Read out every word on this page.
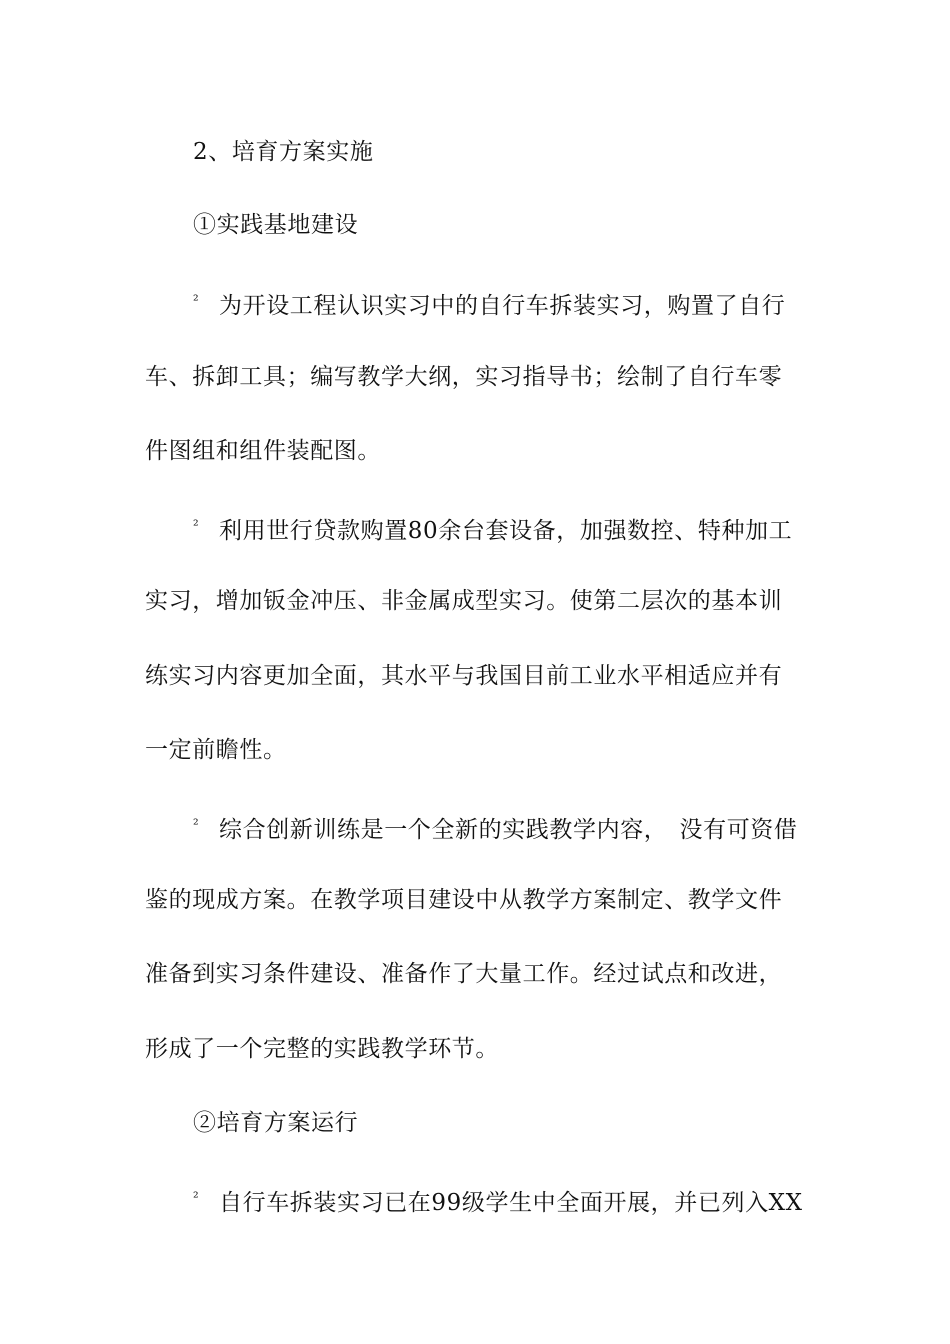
2、培育方案实施
①实践基地建设
² 为开设工程认识实习中的自行车拆装实习，购置了自行
车、拆卸工具；编写教学大纲，实习指导书；绘制了自行车零
件图组和组件装配图。
² 利用世行贷款购置80余台套设备，加强数控、特种加工
实习，增加钣金冲压、非金属成型实习。使第二层次的基本训
练实习内容更加全面，其水平与我国目前工业水平相适应并有
一定前瞻性。
² 综合创新训练是一个全新的实践教学内容，　没有可资借
鉴的现成方案。在教学项目建设中从教学方案制定、教学文件
准备到实习条件建设、准备作了大量工作。经过试点和改进，
形成了一个完整的实践教学环节。
②培育方案运行
² 自行车拆装实习已在99级学生中全面开展，并已列入XX
